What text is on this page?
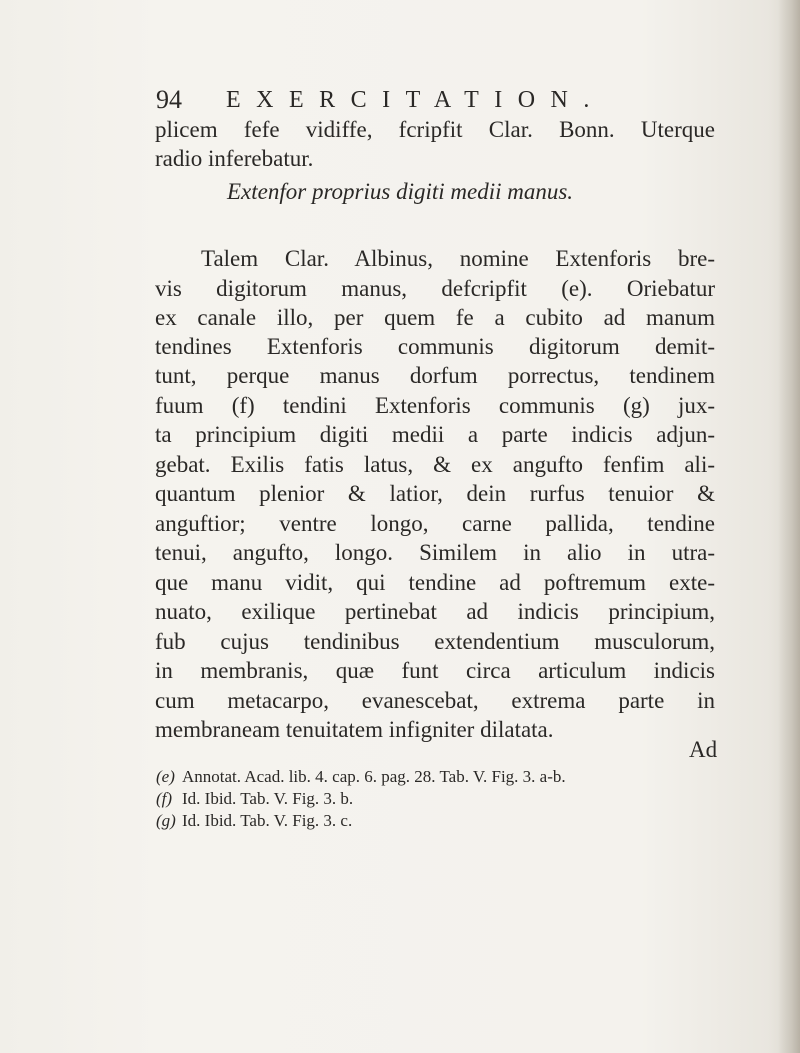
94 EXERCITATION.
plicem fefe vidiffe, fcripfit Clar. Bonn. Uterque
radio inferebatur.
Talem Clar. Albinus, nomine Extenforis bre-
vis digitorum manus, defcripfit (e). Oriebatur
ex canale illo, per quem fe a cubito ad manum
tendines Extenforis communis digitorum demit-
tunt, perque manus dorfum porrectus, tendinem
fuum (f) tendini Extenforis communis (g) jux-
ta principium digiti medii a parte indicis adjun-
gebat. Exilis fatis latus, & ex angufto fenfim ali-
quantum plenior & latior, dein rurfus tenuior &
anguftior; ventre longo, carne pallida, tendine
tenui, angufto, longo. Similem in alio in utra-
que manu vidit, qui tendine ad poftremum exte-
nuato, exilique pertinebat ad indicis principium,
fub cujus tendinibus extendentium musculorum,
in membranis, quæ funt circa articulum indicis
cum metacarpo, evanescebat, extrema parte in
membraneam tenuitatem infigniter dilatata.
Extenfor proprius digiti medii manus.
Ad
(e) Annotat. Acad. lib. 4. cap. 6. pag. 28. Tab. V. Fig. 3. a-b.
(f) Id. Ibid. Tab. V. Fig. 3. b.
(g) Id. Ibid. Tab. V. Fig. 3. c.
